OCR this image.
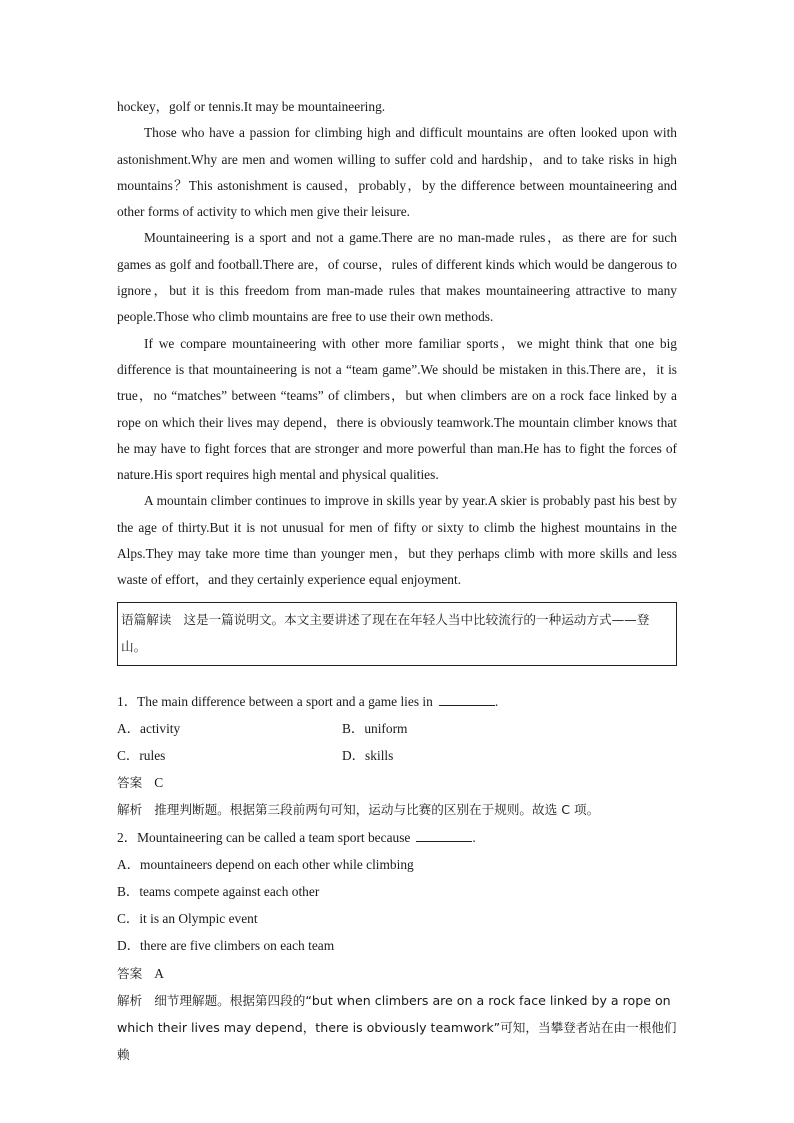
hockey，golf or tennis.It may be mountaineering.

Those who have a passion for climbing high and difficult mountains are often looked upon with astonishment.Why are men and women willing to suffer cold and hardship，and to take risks in high mountains？This astonishment is caused，probably，by the difference between mountaineering and other forms of activity to which men give their leisure.

Mountaineering is a sport and not a game.There are no man-made rules，as there are for such games as golf and football.There are，of course，rules of different kinds which would be dangerous to ignore，but it is this freedom from man-made rules that makes mountaineering attractive to many people.Those who climb mountains are free to use their own methods.

If we compare mountaineering with other more familiar sports，we might think that one big difference is that mountaineering is not a “team game”.We should be mistaken in this.There are，it is true，no “matches” between “teams” of climbers，but when climbers are on a rock face linked by a rope on which their lives may depend，there is obviously teamwork.The mountain climber knows that he may have to fight forces that are stronger and more powerful than man.He has to fight the forces of nature.His sport requires high mental and physical qualities.

A mountain climber continues to improve in skills year by year.A skier is probably past his best by the age of thirty.But it is not unusual for men of fifty or sixty to climb the highest mountains in the Alps.They may take more time than younger men，but they perhaps climb with more skills and less waste of effort，and they certainly experience equal enjoyment.

语篇解读 这是一篇说明文。本文主要讲述了现在在年轻人当中比较流行的一种运动方式——登山。

1．The main difference between a sport and a game lies in	.

A．activity	B．uniform
C．rules	D．skills

答案 C

解析 推理判断题。根据第三段前两句可知，运动与比赛的区别在于规则。故选 C 项。

2．Mountaineering can be called a team sport because	.

A．mountaineers depend on each other while climbing

B．teams compete against each other

C．it is an Olympic event

D．there are five climbers on each team

答案 A

解析 细节理解题。根据第四段的“but when climbers are on a rock face linked by a rope on which their lives may depend，there is obviously teamwork”可知，当攀登者站在由一根他们赖
